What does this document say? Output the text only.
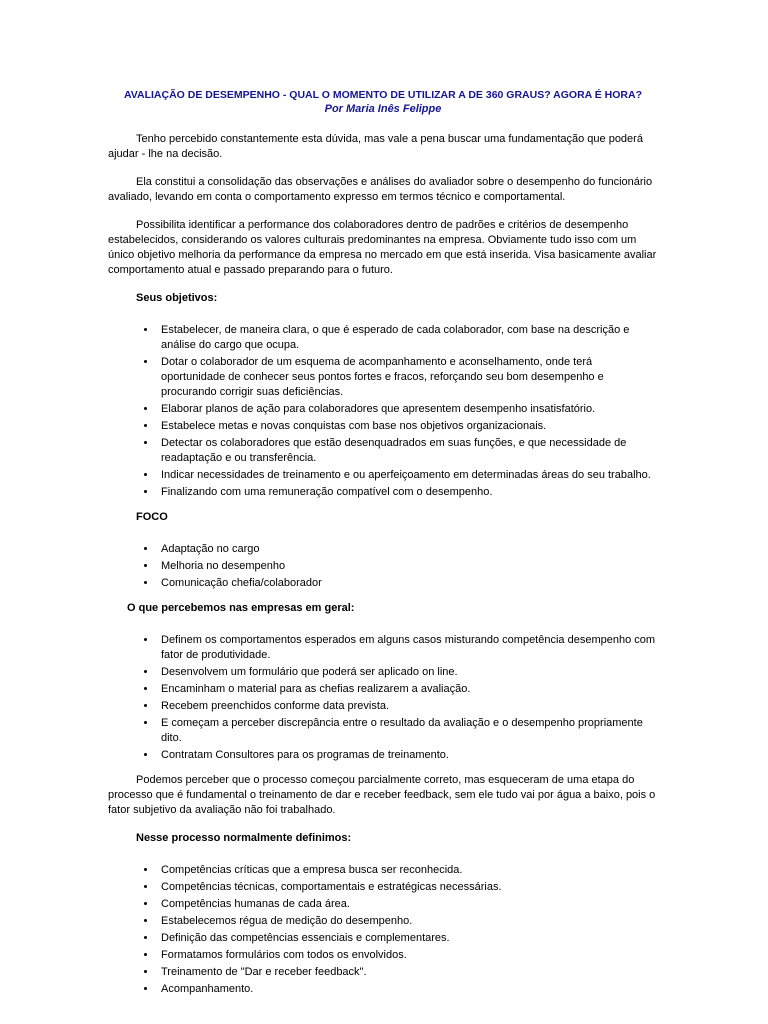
AVALIAÇÃO DE DESEMPENHO - QUAL O MOMENTO DE UTILIZAR A DE 360 GRAUS? AGORA É HORA?
Por Maria Inês Felippe

Tenho percebido constantemente esta dúvida, mas vale a pena buscar uma fundamentação que poderá ajudar - lhe na decisão.

Ela constitui a consolidação das observações e análises do avaliador sobre o desempenho do funcionário avaliado, levando em conta o comportamento expresso em termos técnico e comportamental.

Possibilita identificar a performance dos colaboradores dentro de padrões e critérios de desempenho estabelecidos, considerando os valores culturais predominantes na empresa. Obviamente tudo isso com um único objetivo melhoria da performance da empresa no mercado em que está inserida. Visa basicamente avaliar comportamento atual e passado preparando para o futuro.

Seus objetivos:
• Estabelecer, de maneira clara, o que é esperado de cada colaborador, com base na descrição e análise do cargo que ocupa.
• Dotar o colaborador de um esquema de acompanhamento e aconselhamento, onde terá oportunidade de conhecer seus pontos fortes e fracos, reforçando seu bom desempenho e procurando corrigir suas deficiências.
• Elaborar planos de ação para colaboradores que apresentem desempenho insatisfatório.
• Estabelece metas e novas conquistas com base nos objetivos organizacionais.
• Detectar os colaboradores que estão desenquadrados em suas funções, e que necessidade de readaptação e ou transferência.
• Indicar necessidades de treinamento e ou aperfeiçoamento em determinadas áreas do seu trabalho.
• Finalizando com uma remuneração compatível com o desempenho.
FOCO
• Adaptação no cargo
• Melhoria no desempenho
• Comunicação chefia/colaborador
O que percebemos nas empresas em geral:
• Definem os comportamentos esperados em alguns casos misturando competência desempenho com fator de produtividade.
• Desenvolvem um formulário que poderá ser aplicado on line.
• Encaminham o material para as chefias realizarem a avaliação.
• Recebem preenchidos conforme data prevista.
• E começam a perceber discrepância entre o resultado da avaliação e o desempenho propriamente dito.
• Contratam Consultores para os programas de treinamento.

Podemos perceber que o processo começou parcialmente correto, mas esqueceram de uma etapa do processo que é fundamental o treinamento de dar e receber feedback, sem ele tudo vai por água a baixo, pois o fator subjetivo da avaliação não foi trabalhado.

Nesse processo normalmente definimos:
• Competências críticas que a empresa busca ser reconhecida.
• Competências técnicas, comportamentais e estratégicas necessárias.
• Competências humanas de cada área.
• Estabelecemos régua de medição do desempenho.
• Definição das competências essenciais e complementares.
• Formatamos formulários com todos os envolvidos.
• Treinamento de "Dar e receber feedback".
• Acompanhamento.
